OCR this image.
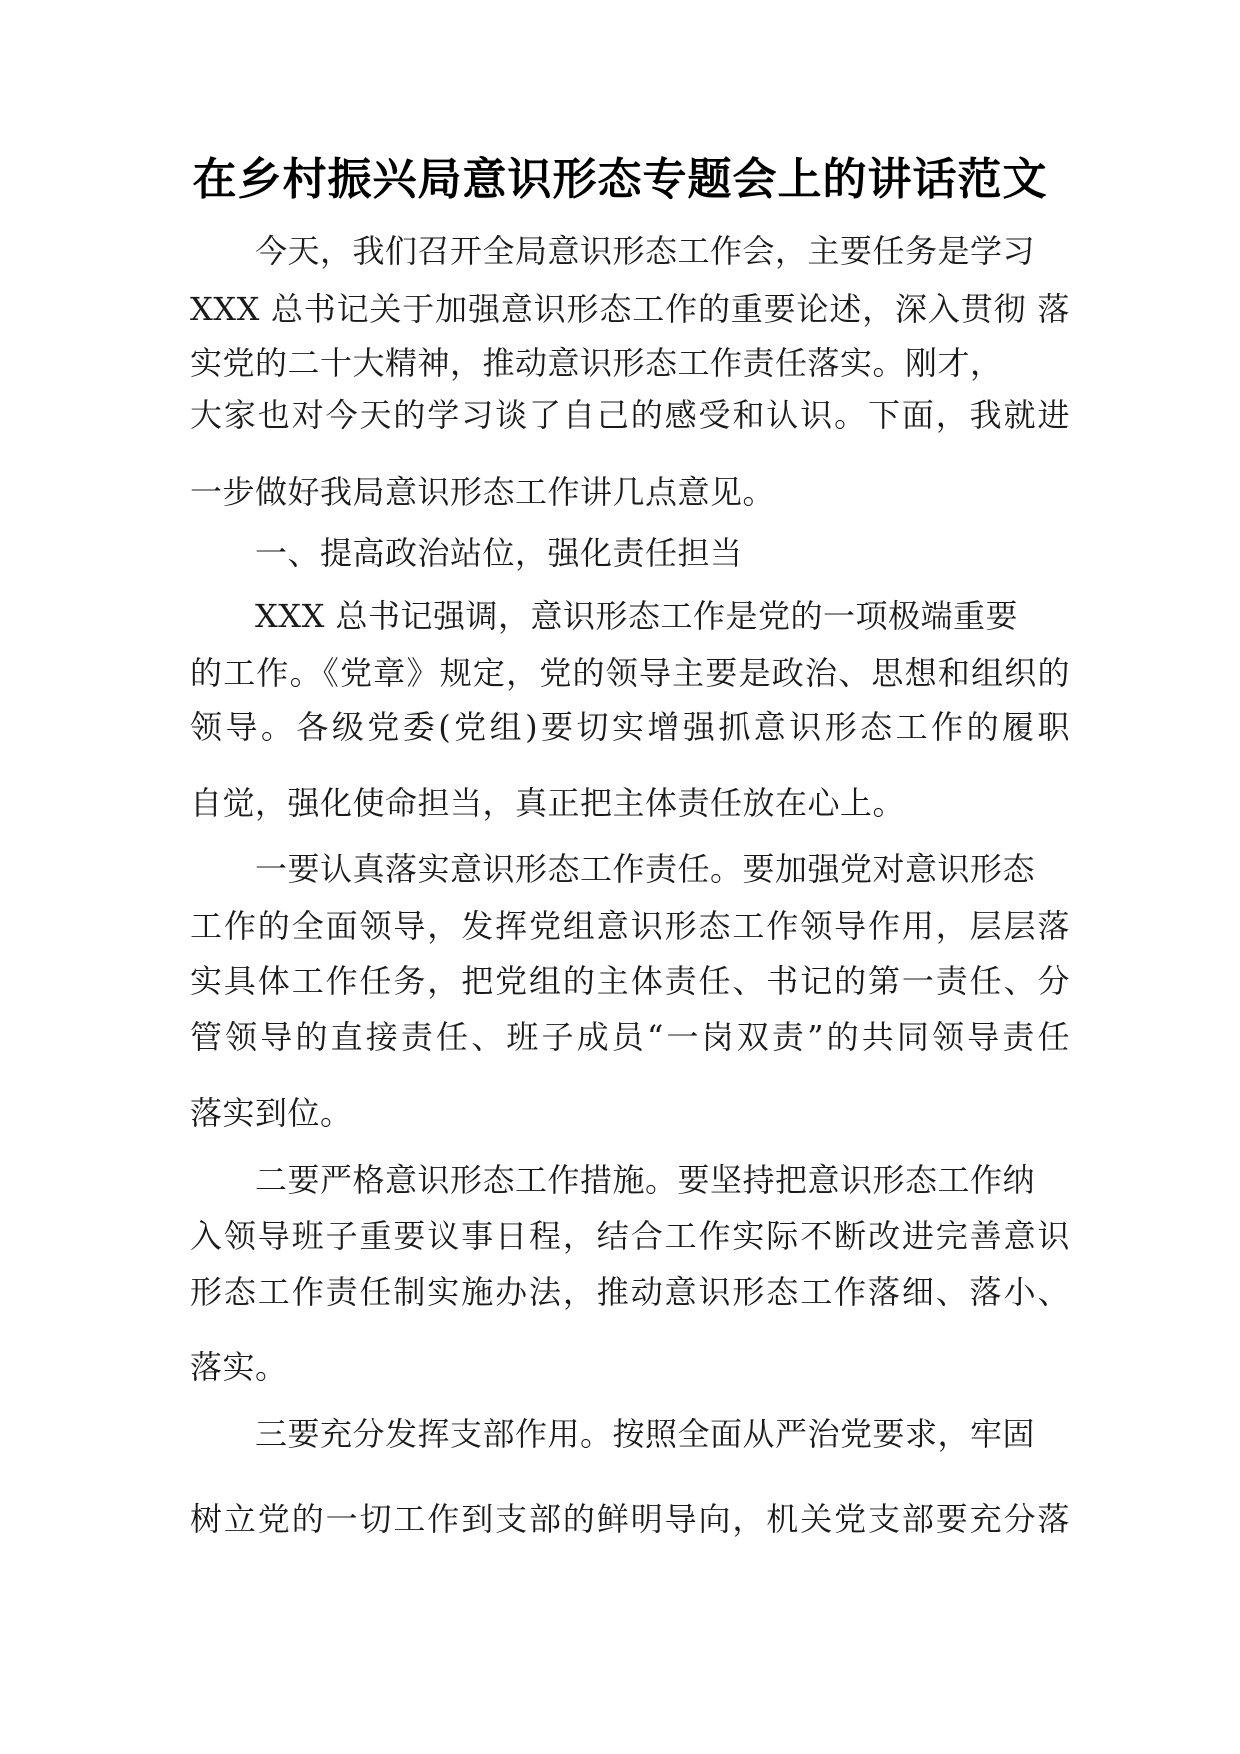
在乡村振兴局意识形态专题会上的讲话范文

今天，我们召开全局意识形态工作会，主要任务是学习

XXX 总书记关于加强意识形态工作的重要论述，深入贯彻 落

实党的二十大精神，推动意识形态工作责任落实。刚才，

大家也对今天的学习谈了自己的感受和认识。下面，我就进

一步做好我局意识形态工作讲几点意见。

一、提高政治站位，强化责任担当

XXX 总书记强调，意识形态工作是党的一项极端重要

的工作。《党章》规定，党的领导主要是政治、思想和组织的

领导。各级党委(党组)要切实增强抓意识形态工作的履职

自觉，强化使命担当，真正把主体责任放在心上。

一要认真落实意识形态工作责任。要加强党对意识形态

工作的全面领导，发挥党组意识形态工作领导作用，层层落

实具体工作任务，把党组的主体责任、书记的第一责任、分

管领导的直接责任、班子成员“一岗双责”的共同领导责任

落实到位。

二要严格意识形态工作措施。要坚持把意识形态工作纳

入领导班子重要议事日程，结合工作实际不断改进完善意识

形态工作责任制实施办法，推动意识形态工作落细、落小、

落实。

三要充分发挥支部作用。按照全面从严治党要求，牢固

树立党的一切工作到支部的鲜明导向，机关党支部要充分落
